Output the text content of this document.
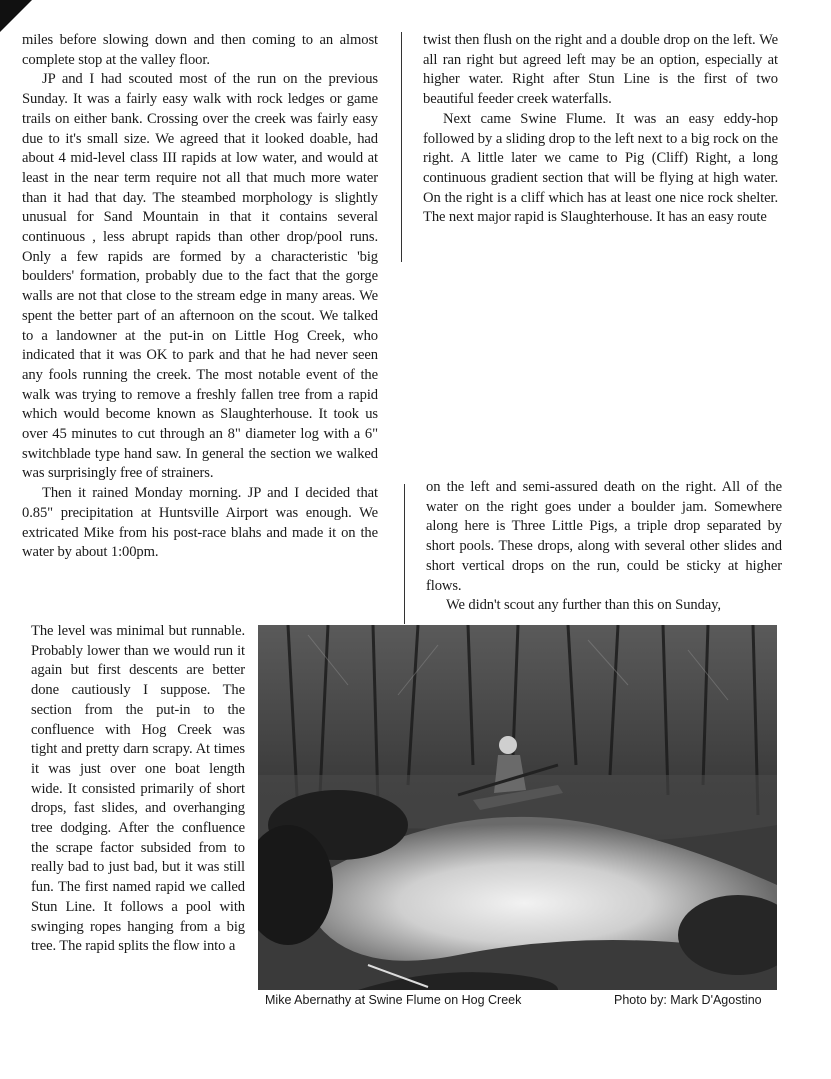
miles before slowing down and then coming to an almost complete stop at the valley floor.

JP and I had scouted most of the run on the previous Sunday. It was a fairly easy walk with rock ledges or game trails on either bank. Crossing over the creek was fairly easy due to it's small size. We agreed that it looked doable, had about 4 mid-level class III rapids at low water, and would at least in the near term require not all that much more water than it had that day. The steambed morphology is slightly unusual for Sand Mountain in that it contains several continuous , less abrupt rapids than other drop/pool runs. Only a few rapids are formed by a characteristic 'big boulders' formation, probably due to the fact that the gorge walls are not that close to the stream edge in many areas. We spent the better part of an afternoon on the scout. We talked to a landowner at the put-in on Little Hog Creek, who indicated that it was OK to park and that he had never seen any fools running the creek. The most notable event of the walk was trying to remove a freshly fallen tree from a rapid which would become known as Slaughterhouse. It took us over 45 minutes to cut through an 8" diameter log with a 6" switchblade type hand saw. In general the section we walked was surprisingly free of strainers.

Then it rained Monday morning. JP and I decided that 0.85" precipitation at Huntsville Airport was enough. We extricated Mike from his post-race blahs and made it on the water by about 1:00pm.

The level was minimal but runnable. Probably lower than we would run it again but first descents are better done cautiously I suppose. The section from the put-in to the confluence with Hog Creek was tight and pretty darn scrapy. At times it was just over one boat length wide. It consisted primarily of short drops, fast slides, and overhanging tree dodging. After the confluence the scrape factor subsided from to really bad to just bad, but it was still fun. The first named rapid we called Stun Line. It follows a pool with swinging ropes hanging from a big tree. The rapid splits the flow into a

twist then flush on the right and a double drop on the left. We all ran right but agreed left may be an option, especially at higher water. Right after Stun Line is the first of two beautiful feeder creek waterfalls.

Next came Swine Flume. It was an easy eddy-hop followed by a sliding drop to the left next to a big rock on the right. A little later we came to Pig (Cliff) Right, a long continuous gradient section that will be flying at high water. On the right is a cliff which has at least one nice rock shelter. The next major rapid is Slaughterhouse. It has an easy route

on the left and semi-assured death on the right. All of the water on the right goes under a boulder jam. Somewhere along here is Three Little Pigs, a triple drop separated by short pools. These drops, along with several other slides and short vertical drops on the run, could be sticky at higher flows.

We didn't scout any further than this on Sunday,

Mike Abernathy at Swine Flume on Hog Creek	Photo by: Mark D'Agostino
